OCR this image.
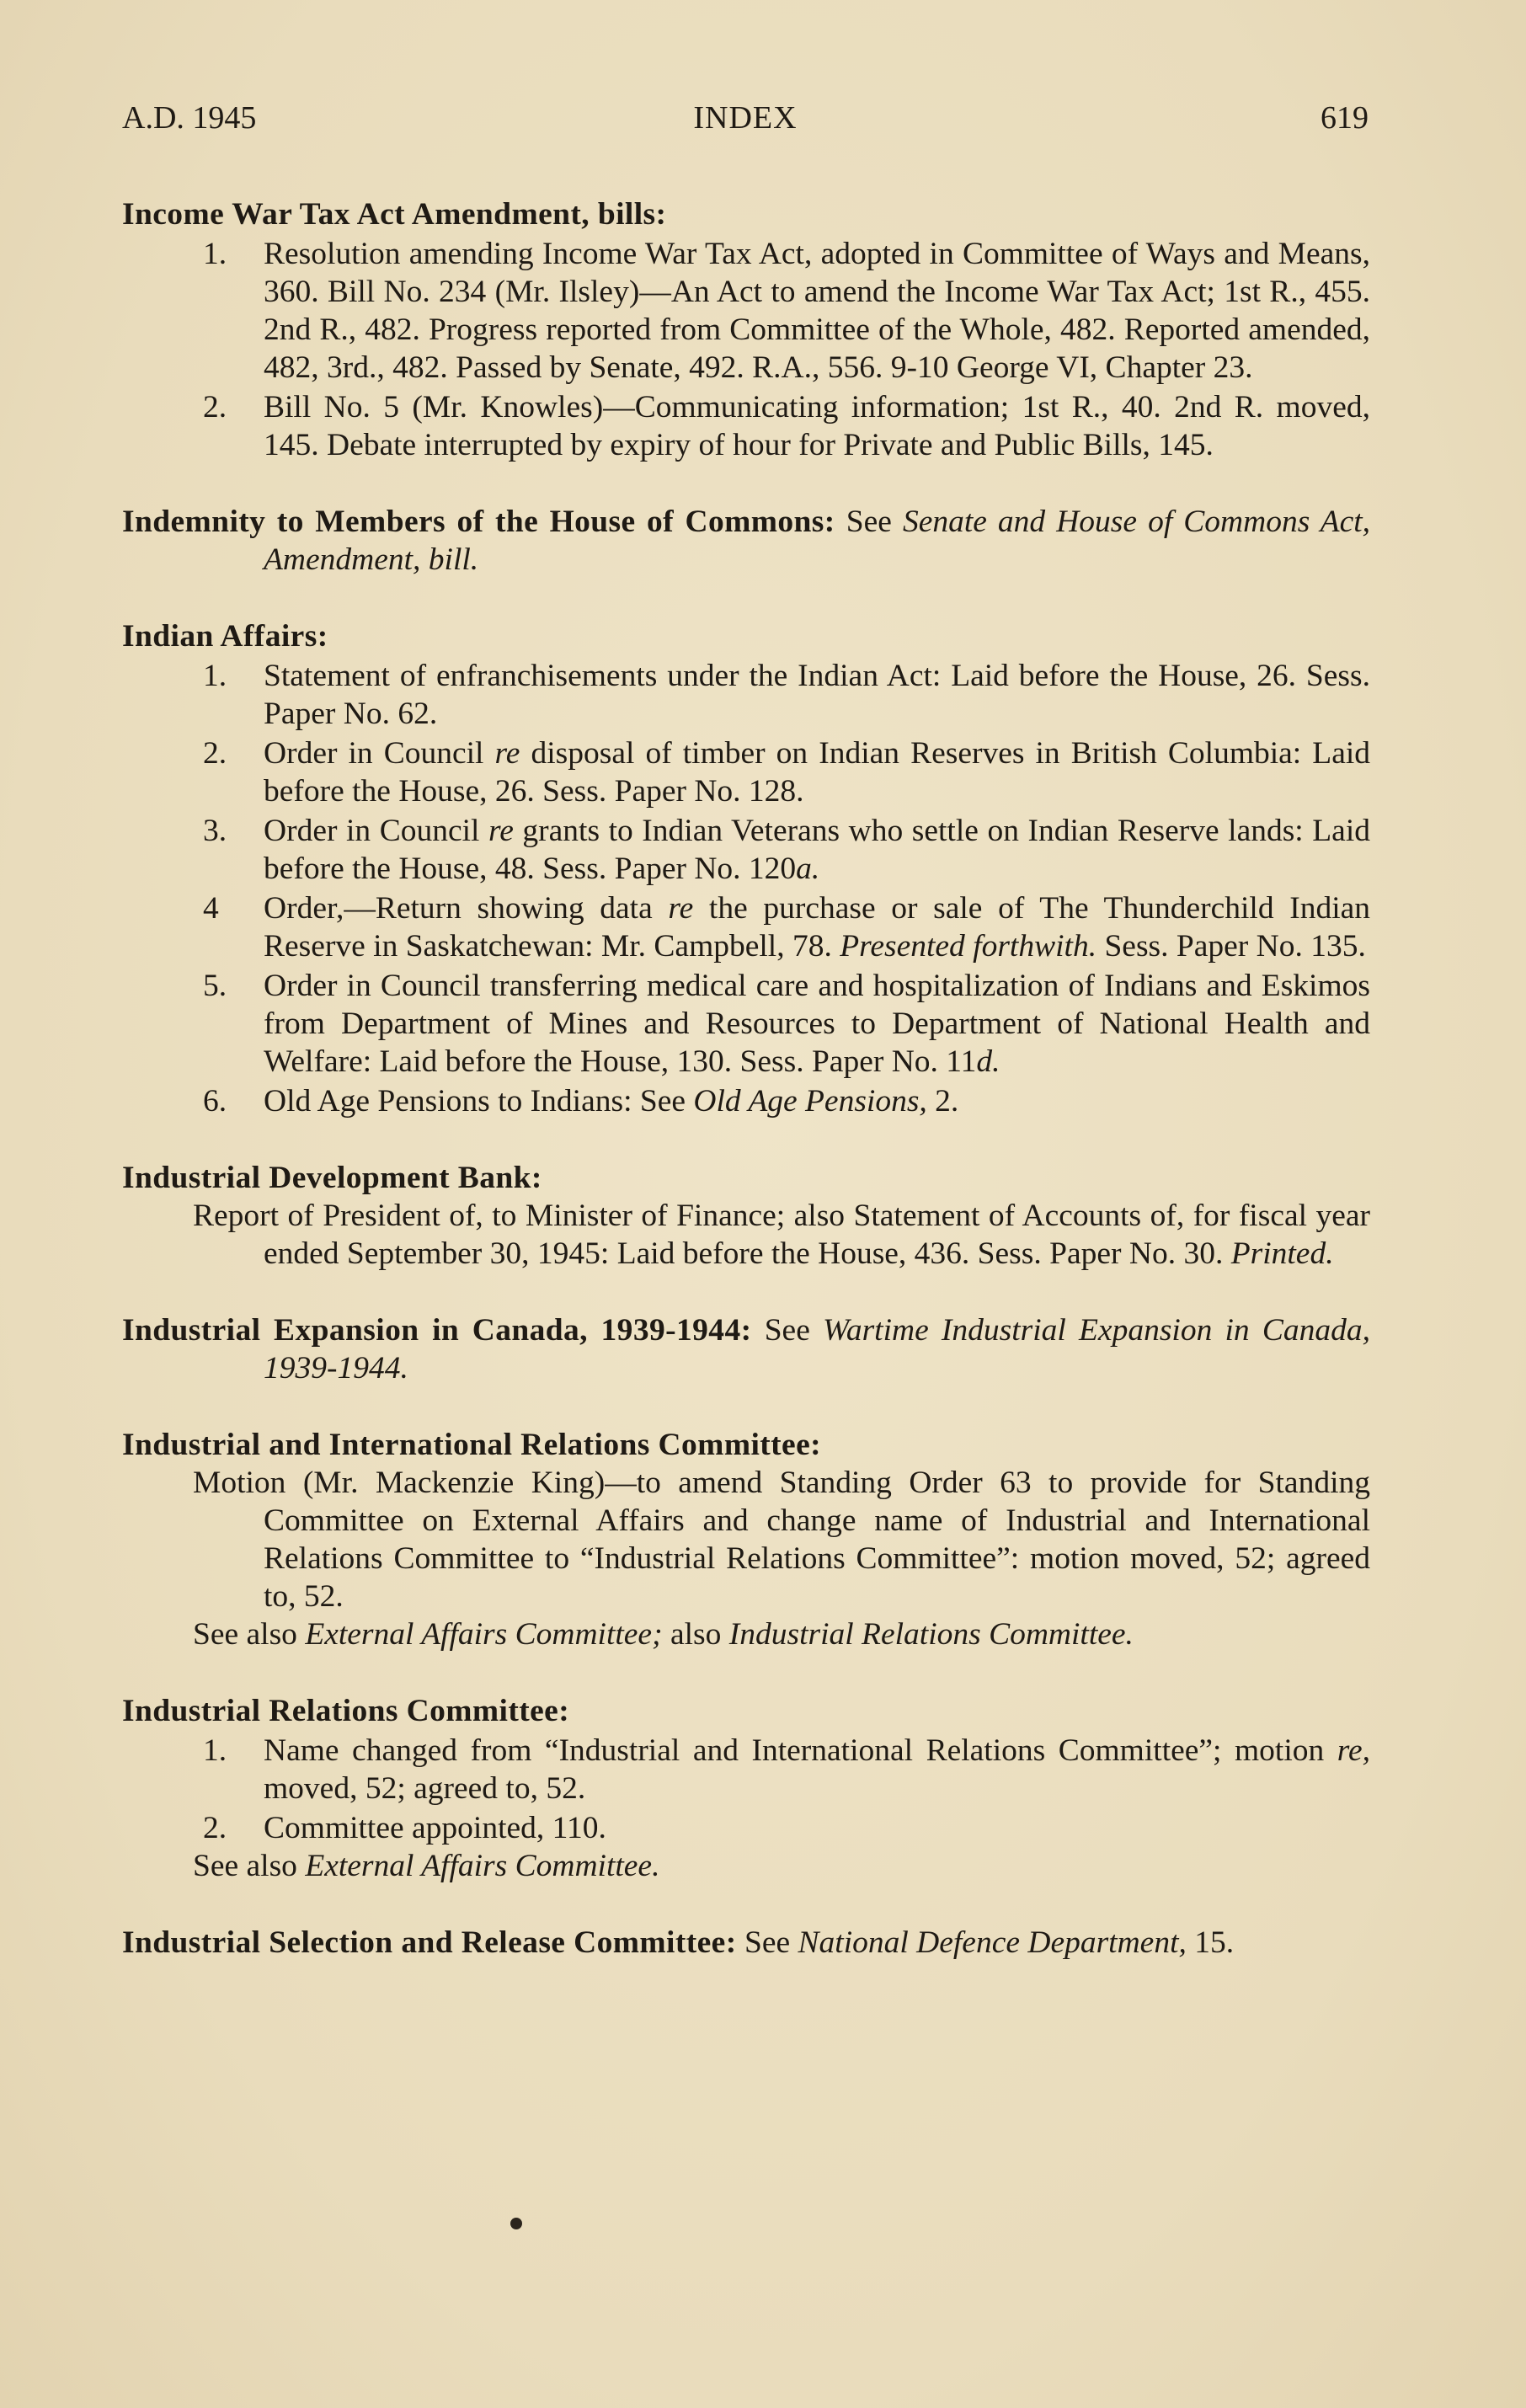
A.D. 1945	INDEX	619
Income War Tax Act Amendment, bills:
1. Resolution amending Income War Tax Act, adopted in Committee of Ways and Means, 360. Bill No. 234 (Mr. Ilsley)—An Act to amend the Income War Tax Act; 1st R., 455. 2nd R., 482. Progress reported from Committee of the Whole, 482. Reported amended, 482, 3rd., 482. Passed by Senate, 492. R.A., 556. 9-10 George VI, Chapter 23.
2. Bill No. 5 (Mr. Knowles)—Communicating information; 1st R., 40. 2nd R. moved, 145. Debate interrupted by expiry of hour for Private and Public Bills, 145.
Indemnity to Members of the House of Commons: See Senate and House of Commons Act, Amendment, bill.
Indian Affairs:
1. Statement of enfranchisements under the Indian Act: Laid before the House, 26. Sess. Paper No. 62.
2. Order in Council re disposal of timber on Indian Reserves in British Columbia: Laid before the House, 26. Sess. Paper No. 128.
3. Order in Council re grants to Indian Veterans who settle on Indian Reserve lands: Laid before the House, 48. Sess. Paper No. 120a.
4 Order,—Return showing data re the purchase or sale of The Thunderchild Indian Reserve in Saskatchewan: Mr. Campbell, 78. Presented forthwith. Sess. Paper No. 135.
5. Order in Council transferring medical care and hospitalization of Indians and Eskimos from Department of Mines and Resources to Department of National Health and Welfare: Laid before the House, 130. Sess. Paper No. 11d.
6. Old Age Pensions to Indians: See Old Age Pensions, 2.
Industrial Development Bank:
Report of President of, to Minister of Finance; also Statement of Accounts of, for fiscal year ended September 30, 1945: Laid before the House, 436. Sess. Paper No. 30. Printed.
Industrial Expansion in Canada, 1939-1944: See Wartime Industrial Expansion in Canada, 1939-1944.
Industrial and International Relations Committee:
Motion (Mr. Mackenzie King)—to amend Standing Order 63 to provide for Standing Committee on External Affairs and change name of Industrial and International Relations Committee to “Industrial Relations Committee”: motion moved, 52; agreed to, 52.
See also External Affairs Committee; also Industrial Relations Committee.
Industrial Relations Committee:
1. Name changed from “Industrial and International Relations Committee”; motion re, moved, 52; agreed to, 52.
2. Committee appointed, 110.
See also External Affairs Committee.
Industrial Selection and Release Committee: See National Defence Department, 15.
